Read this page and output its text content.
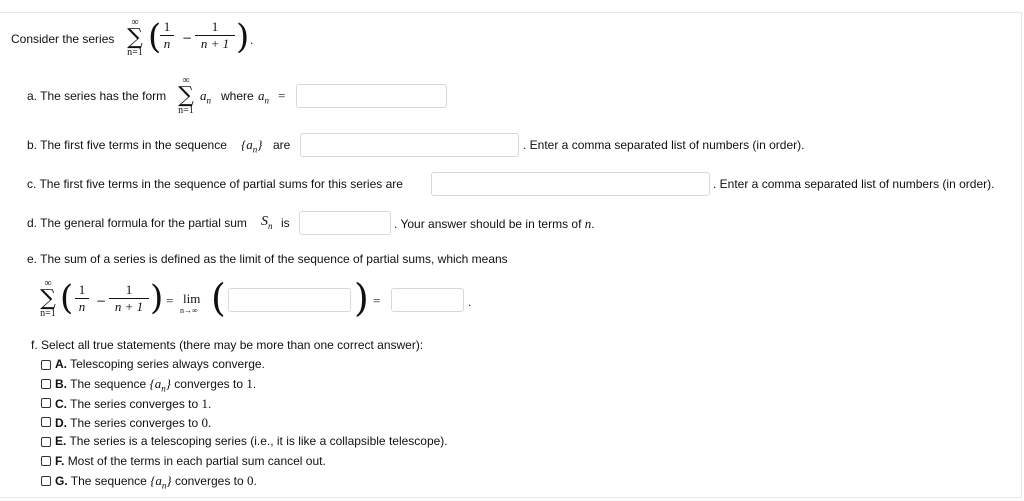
Consider the series
∞
∑
n=1 ( 1
n −
1
n + 1 ) .
a. The series has the form
∞
∑
n=1
$a_n$ where $a_n$ =
b. The first five terms in the sequence $\{a_n\}$ are	. Enter a comma separated list of numbers (in order).
c. The first five terms in the sequence of partial sums for this series are	. Enter a comma separated list of numbers (in order).
d. The general formula for the partial sum $S_n$ is	. Your answer should be in terms of n.
e. The sum of a series is defined as the limit of the sequence of partial sums, which means
∞
∑
n=1 ( 1
n −
1
n + 1 ) = lim
n→∞ (	) =	.
f. Select all true statements (there may be more than one correct answer):
A. Telescoping series always converge.
B. The sequence $\{a_n\}$ converges to 1.
C. The series converges to 1.
D. The series converges to 0.
E. The series is a telescoping series (i.e., it is like a collapsible telescope).
F. Most of the terms in each partial sum cancel out.
G. The sequence $\{a_n\}$ converges to 0.
